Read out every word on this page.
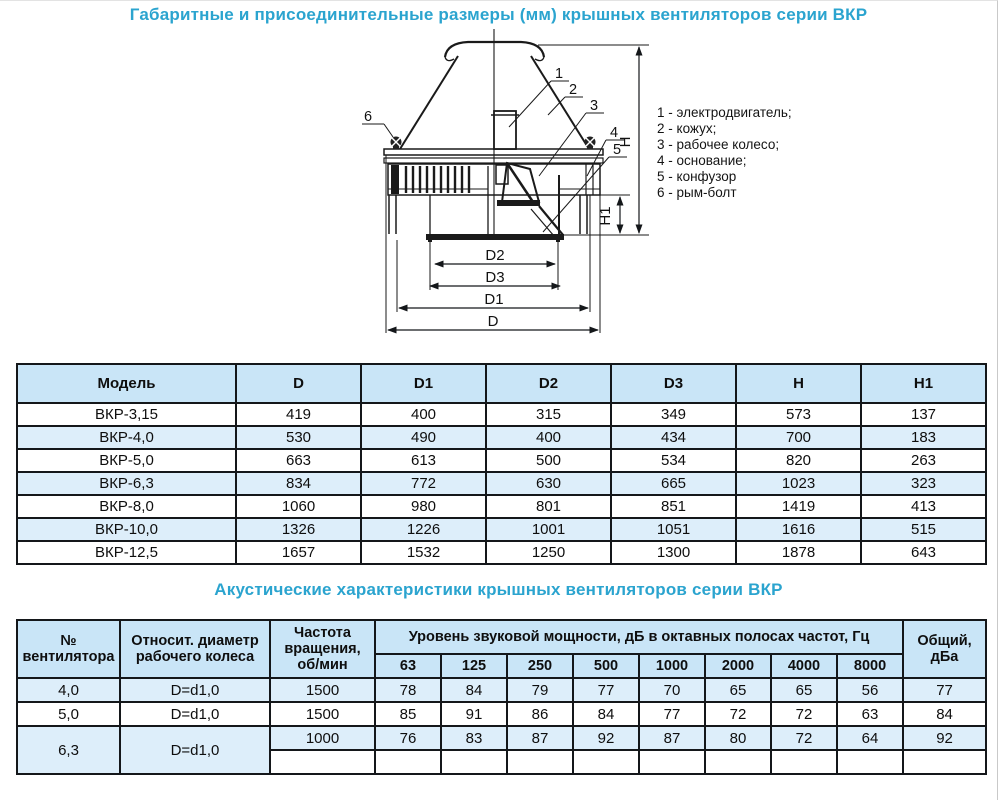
Габаритные и присоединительные размеры (мм) крышных вентиляторов серии ВКР
6
1
2
3
4
5
D2
D3
D1
D
H
H1
1 - электродвигатель;
2 - кожух;
3 - рабочее колесо;
4 - основание;
5 - конфузор
6 - рым-болт
Модель	D	D1	D2	D3	H	H1
ВКР-3,15	419	400	315	349	573	137
ВКР-4,0	530	490	400	434	700	183
ВКР-5,0	663	613	500	534	820	263
ВКР-6,3	834	772	630	665	1023	323
ВКР-8,0	1060	980	801	851	1419	413
ВКР-10,0	1326	1226	1001	1051	1616	515
ВКР-12,5	1657	1532	1250	1300	1878	643
Акустические характеристики крышных вентиляторов серии ВКР
№ вентилятора	Относит. диаметр рабочего колеса	Частота вращения, об/мин	Уровень звуковой мощности, дБ в октавных полосах частот, Гц								Общий, дБа
			63	125	250	500	1000	2000	4000	8000	
4,0	D=d1,0	1500	78	84	79	77	70	65	65	56	77
5,0	D=d1,0	1500	85	91	86	84	77	72	72	63	84
6,3	D=d1,0	1000	76	83	87	92	87	80	72	64	92
